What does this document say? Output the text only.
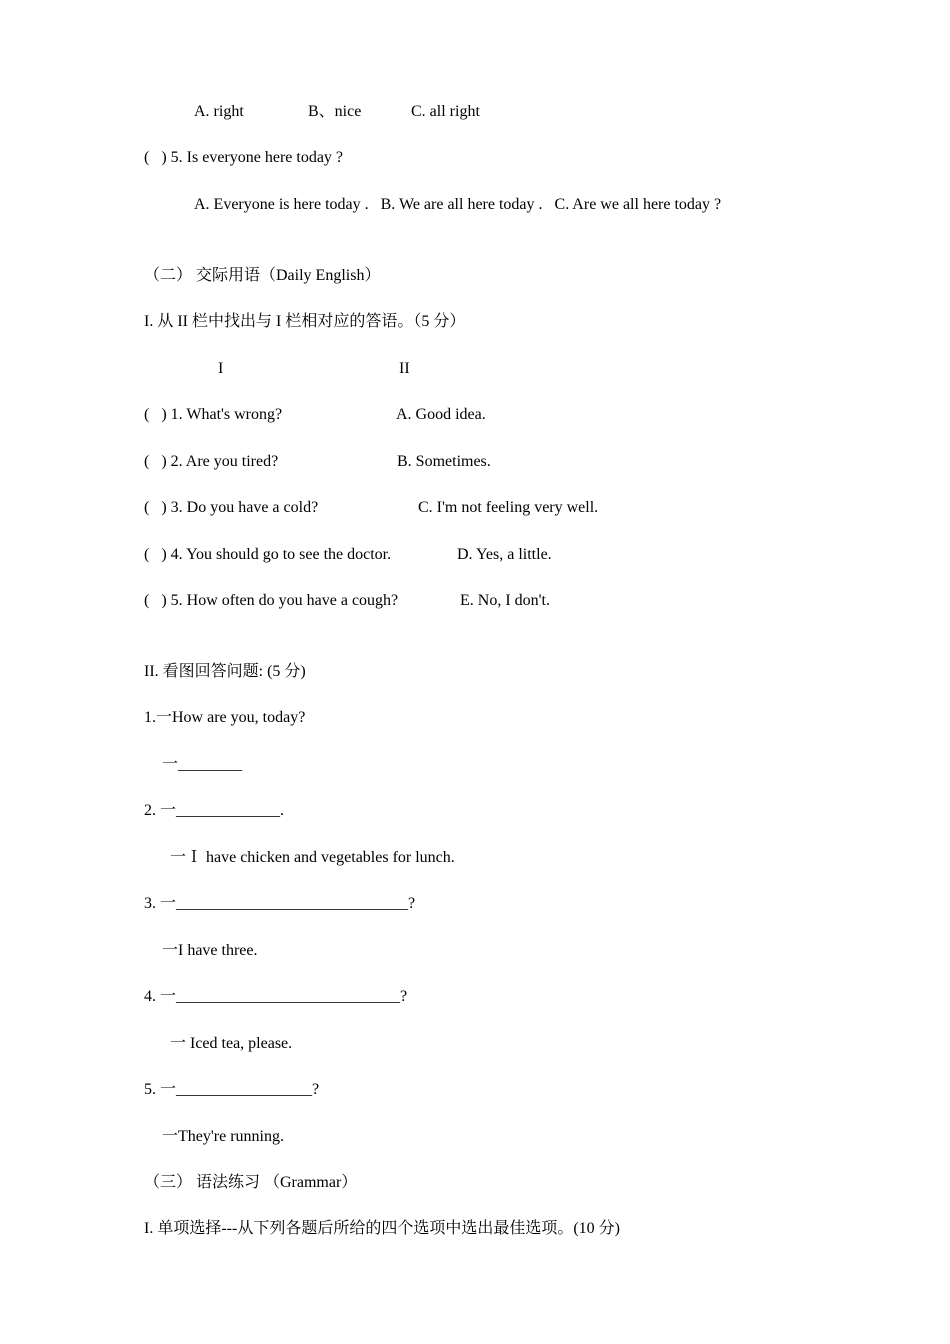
A. right	B、nice	C. all right
(   ) 5. Is everyone here today ?
A. Everyone is here today .   B. We are all here today .   C. Are we all here today ?
（二） 交际用语（Daily English）
I. 从 II 栏中找出与 I 栏相对应的答语。（5 分）
I	II
(   ) 1. What's wrong?	A. Good idea.
(   ) 2. Are you tired?	B. Sometimes.
(   ) 3. Do you have a cold?	C. I'm not feeling very well.
(   ) 4. You should go to see the doctor.	D. Yes, a little.
(   ) 5. How often do you have a cough?	E. No, I don't.
II. 看图回答问题: (5 分)
1.一How are you, today?
一________
2. 一_____________.
一Ｉ have chicken and vegetables for lunch.
3. 一_____________________________?
一I have three.
4. 一____________________________?
一 Iced tea, please.
5. 一_________________?
一They're running.
（三） 语法练习 （Grammar）
I. 单项选择---从下列各题后所给的四个选项中选出最佳选项。(10 分)
